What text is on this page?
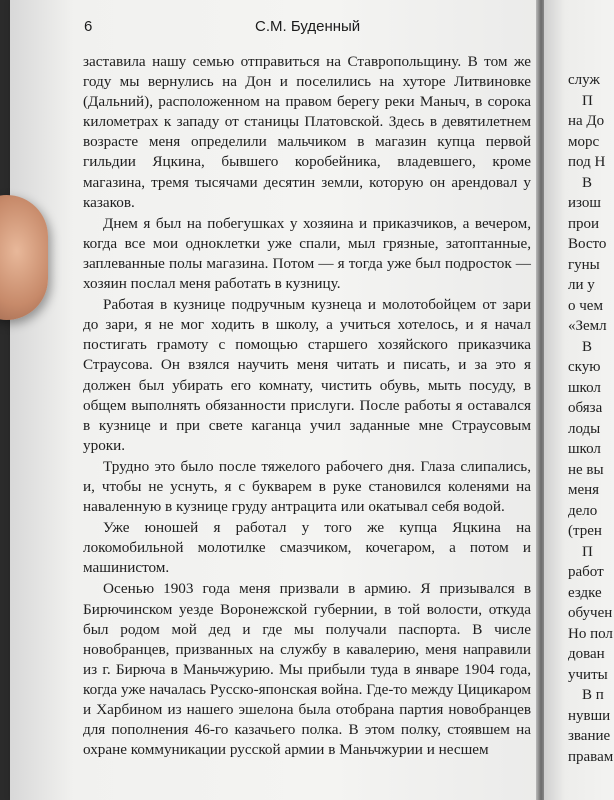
6	С.М. Буденный

заставила нашу семью отправиться на Ставропольщину. В том же году мы вернулись на Дон и поселились на хуторе Литвиновке (Дальний), расположенном на правом берегу реки Маныч, в сорока километрах к западу от станицы Платовской. Здесь в девятилетнем возрасте меня определили мальчиком в магазин купца первой гильдии Яцкина, бывшего коробейника, владевшего, кроме магазина, тремя тысячами десятин земли, которую он арендовал у казаков.

Днем я был на побегушках у хозяина и приказчиков, а вечером, когда все мои одноклетки уже спали, мыл грязные, затоптанные, заплеванные полы магазина. Потом — я тогда уже был подросток — хозяин послал меня работать в кузницу.

Работая в кузнице подручным кузнеца и молотобойцем от зари до зари, я не мог ходить в школу, а учиться хотелось, и я начал постигать грамоту с помощью старшего хозяйского приказчика Страусова. Он взялся научить меня читать и писать, и за это я должен был убирать его комнату, чистить обувь, мыть посуду, в общем выполнять обязанности прислуги. После работы я оставался в кузнице и при свете каганца учил заданные мне Страусовым уроки.

Трудно это было после тяжелого рабочего дня. Глаза слипались, и, чтобы не уснуть, я с букварем в руке становился коленями на наваленную в кузнице груду антрацита или окатывал себя водой.

Уже юношей я работал у того же купца Яцкина на локомобильной молотилке смазчиком, кочегаром, а потом и машинистом.

Осенью 1903 года меня призвали в армию. Я призывался в Бирючинском уезде Воронежской губернии, в той волости, откуда был родом мой дед и где мы получали паспорта. В числе новобранцев, призванных на службу в кавалерию, меня направили из г. Бирюча в Маньчжурию. Мы прибыли туда в январе 1904 года, когда уже началась Русско-японская война. Где-то между Цицикаром и Харбином из нашего эшелона была отобрана партия новобранцев для пополнения 46-го казачьего полка. В этом полку, стоявшем на охране коммуникации русской армии в Маньчжурии и несшем

служ
П
на До
морс
под Н
В
изош
прои
Восто
гуны
ли у
о чем
«Земл
В
скую
школ
обяза
лоды
школ
не вы
меня
дело
(трен
П
работ
ездке
обучен
Но пол
дован
учиты
В п
нувши
звание
правам
